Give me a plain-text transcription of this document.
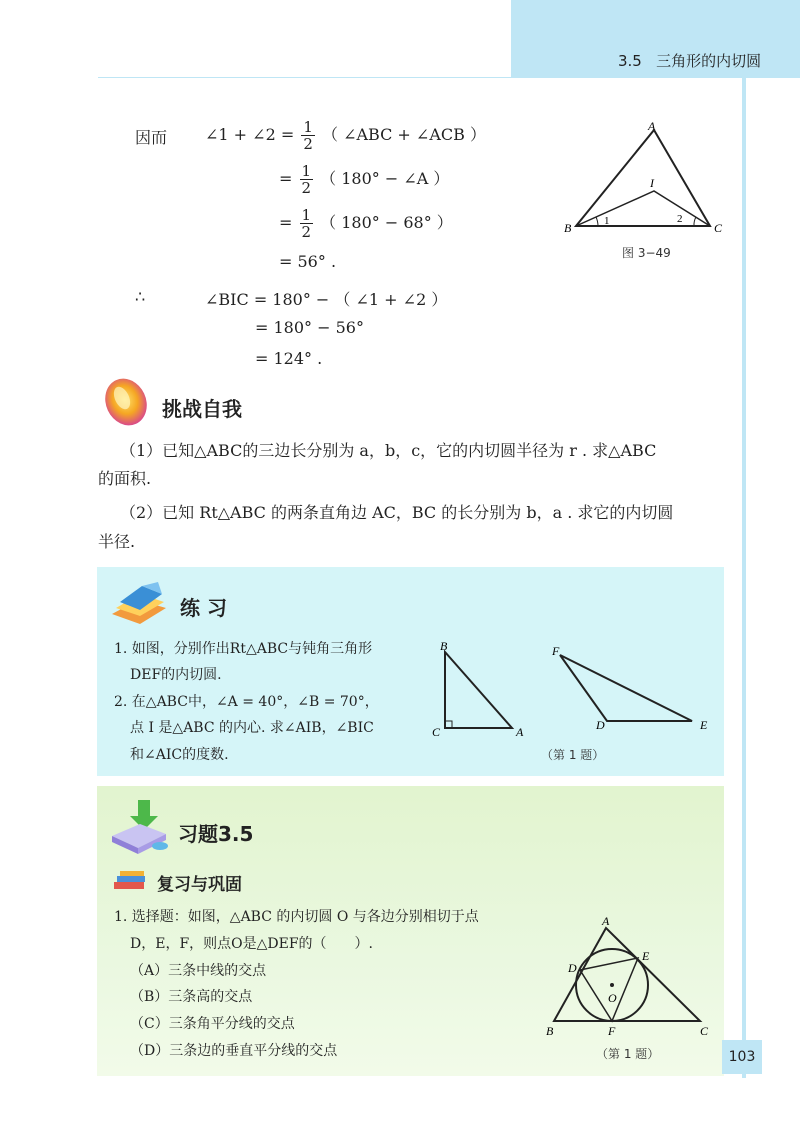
3.5 三角形的内切圆
因而 ∠1 + ∠2 = $\frac{1}{2}$ （ ∠ABC + ∠ACB ）
= $\frac{1}{2}$ （ 180° − ∠A ）
= $\frac{1}{2}$ （ 180° − 68° ）
= 56° .
∴	∠BIC = 180° − （ ∠1 + ∠2 ）
= 180° − 56°
= 124° .
A
B	C
I
1	2
图 3−49
挑战自我
（1）已知△ABC的三边长分别为 a，b，c，它的内切圆半径为 r . 求△ABC
的面积.
（2）已知 Rt△ABC 的两条直角边 AC，BC 的长分别为 b，a . 求它的内切圆
半径.
练 习
1. 如图，分别作出Rt△ABC与钝角三角形
DEF的内切圆.
2. 在△ABC中，∠A = 40°，∠B = 70°，
点 I 是△ABC 的内心. 求∠AIB，∠BIC
和∠AIC的度数.
B
C	A
F
D	E
（第 1 题）
习题3.5
复习与巩固
1. 选择题：如图，△ABC 的内切圆 O 与各边分别相切于点
D，E，F，则点O是△DEF的（　　）.
（A）三条中线的交点
（B）三条高的交点
（C）三条角平分线的交点
（D）三条边的垂直平分线的交点
A
B	C
D
E
F
O
（第 1 题）	103
